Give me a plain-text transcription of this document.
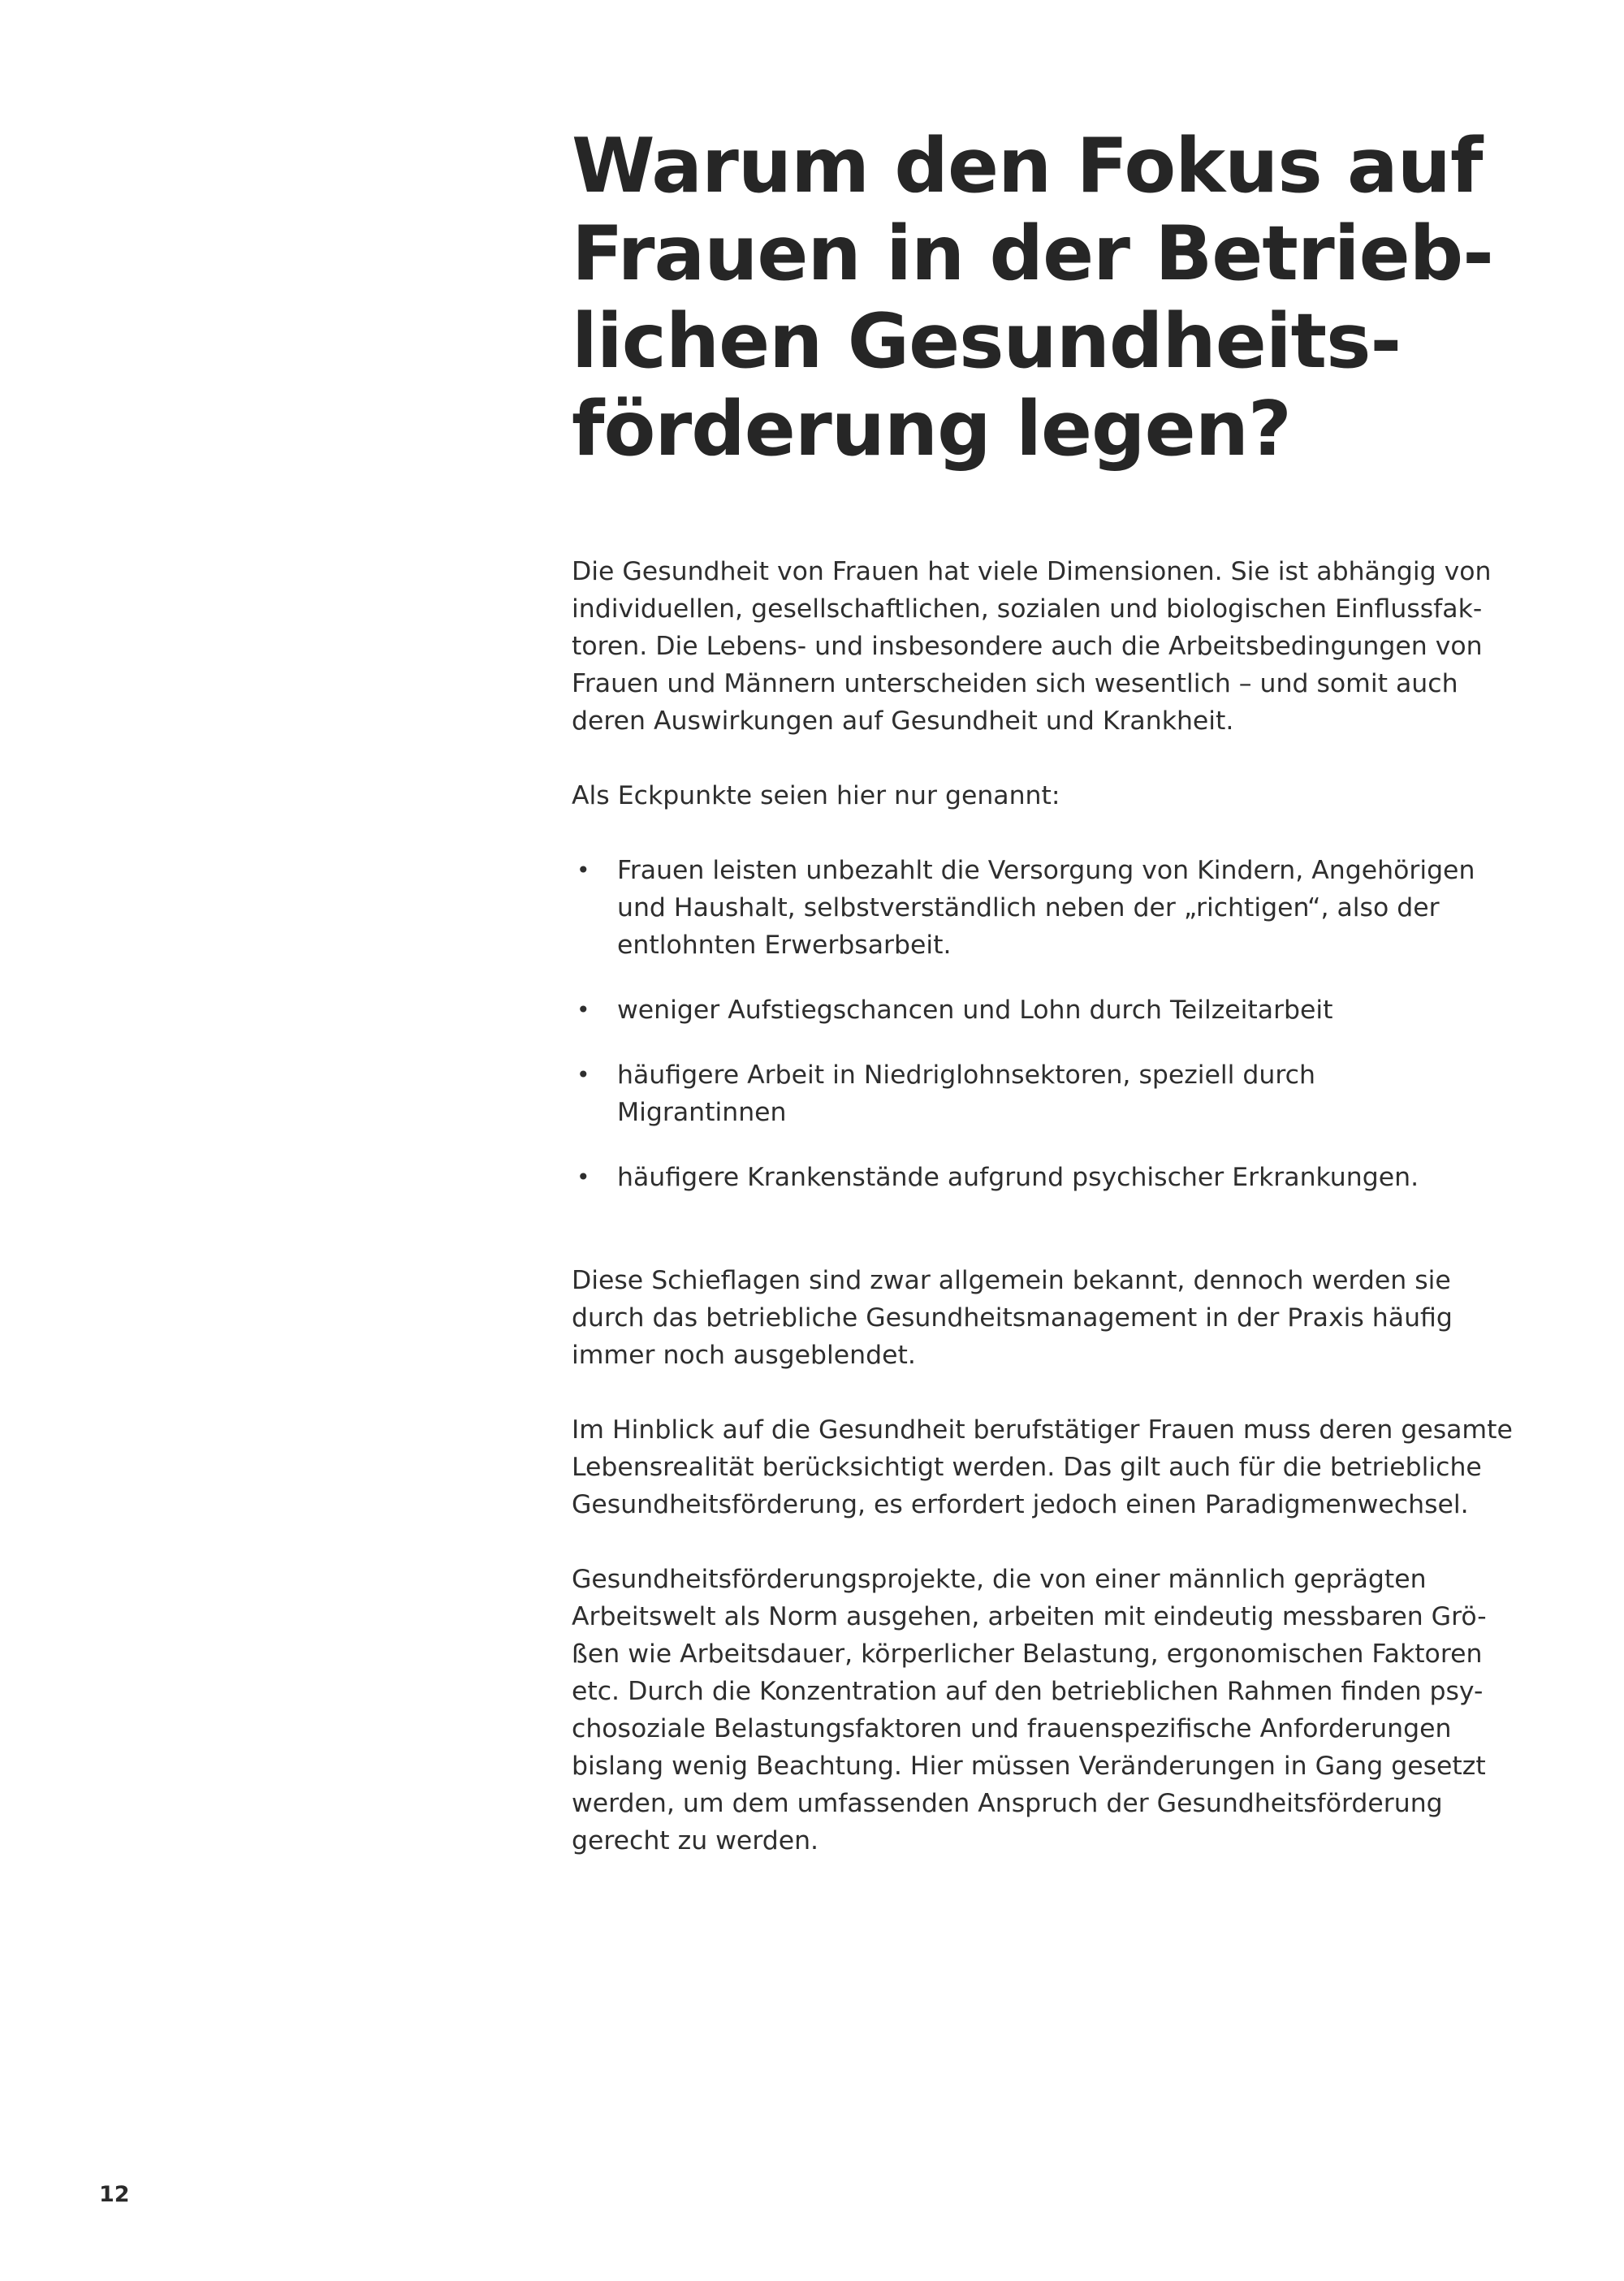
Warum den Fokus auf
Frauen in der Betrieb-
lichen Gesundheits-
förderung legen?

Die Gesundheit von Frauen hat viele Dimensionen. Sie ist abhängig von
individuellen, gesellschaftlichen, sozialen und biologischen Einflussfak-
toren. Die Lebens- und insbesondere auch die Arbeitsbedingungen von
Frauen und Männern unterscheiden sich wesentlich – und somit auch
deren Auswirkungen auf Gesundheit und Krankheit.

Als Eckpunkte seien hier nur genannt:

• Frauen leisten unbezahlt die Versorgung von Kindern, Angehörigen
und Haushalt, selbstverständlich neben der „richtigen“, also der
entlohnten Erwerbsarbeit.
• weniger Aufstiegschancen und Lohn durch Teilzeitarbeit
• häufigere Arbeit in Niedriglohnsektoren, speziell durch
Migrantinnen
• häufigere Krankenstände aufgrund psychischer Erkrankungen.

Diese Schieflagen sind zwar allgemein bekannt, dennoch werden sie
durch das betriebliche Gesundheitsmanagement in der Praxis häufig
immer noch ausgeblendet.

Im Hinblick auf die Gesundheit berufstätiger Frauen muss deren gesamte
Lebensrealität berücksichtigt werden. Das gilt auch für die betriebliche
Gesundheitsförderung, es erfordert jedoch einen Paradigmenwechsel.

Gesundheitsförderungsprojekte, die von einer männlich geprägten
Arbeitswelt als Norm ausgehen, arbeiten mit eindeutig messbaren Grö-
ßen wie Arbeitsdauer, körperlicher Belastung, ergonomischen Faktoren
etc. Durch die Konzentration auf den betrieblichen Rahmen finden psy-
chosoziale Belastungsfaktoren und frauenspezifische Anforderungen
bislang wenig Beachtung. Hier müssen Veränderungen in Gang gesetzt
werden, um dem umfassenden Anspruch der Gesundheitsförderung
gerecht zu werden.

12
